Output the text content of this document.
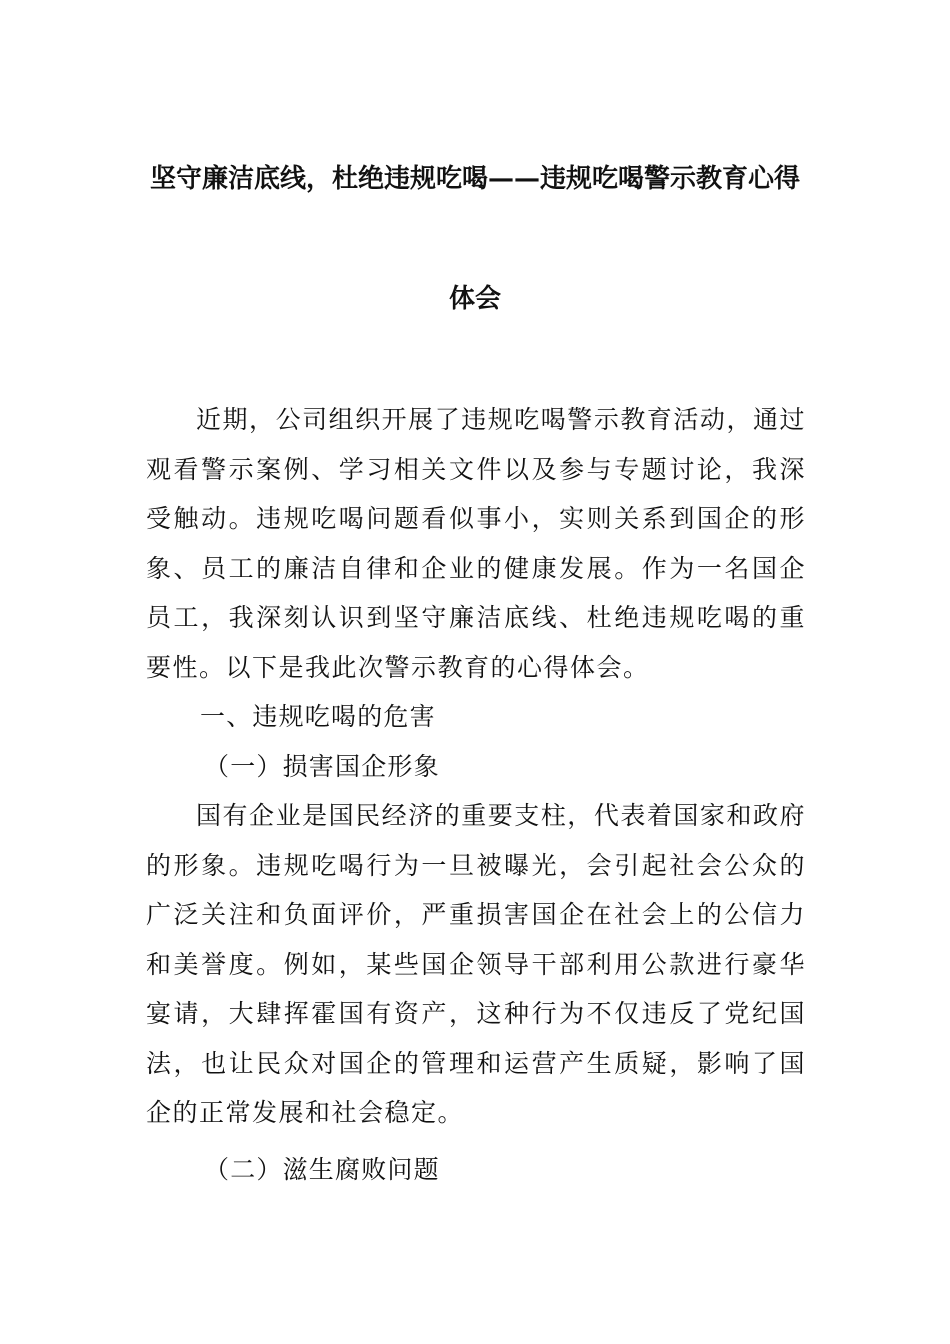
坚守廉洁底线，杜绝违规吃喝——违规吃喝警示教育心得
体会

近期，公司组织开展了违规吃喝警示教育活动，通过观看警示案例、学习相关文件以及参与专题讨论，我深受触动。违规吃喝问题看似事小，实则关系到国企的形象、员工的廉洁自律和企业的健康发展。作为一名国企员工，我深刻认识到坚守廉洁底线、杜绝违规吃喝的重要性。以下是我此次警示教育的心得体会。

一、违规吃喝的危害

（一）损害国企形象

国有企业是国民经济的重要支柱，代表着国家和政府的形象。违规吃喝行为一旦被曝光，会引起社会公众的广泛关注和负面评价，严重损害国企在社会上的公信力和美誉度。例如，某些国企领导干部利用公款进行豪华宴请，大肆挥霍国有资产，这种行为不仅违反了党纪国法，也让民众对国企的管理和运营产生质疑，影响了国企的正常发展和社会稳定。

（二）滋生腐败问题
